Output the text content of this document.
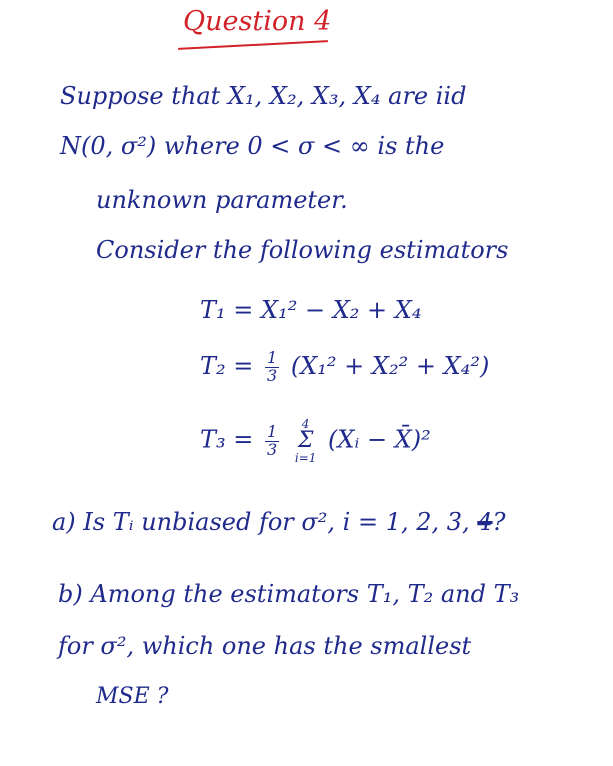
Question 4
Suppose that X₁, X₂, X₃, X₄ are iid
N(0, σ²) where 0 < σ < ∞ is the
unknown parameter.
Consider the following estimators
T₁ = X₁² − X₂ + X₄
$T_2 = \frac{1}{3} (X_1^2 + X_2^2 + X_4^2)$
$T_3 = \frac{1}{3}$
	4
Σ
i=1
(Xᵢ − X̄)²
a) Is Tᵢ unbiased for σ², i = 1, 2, 3, 4?
b) Among the estimators T₁, T₂ and T₃
for σ², which one has the smallest
MSE ?
